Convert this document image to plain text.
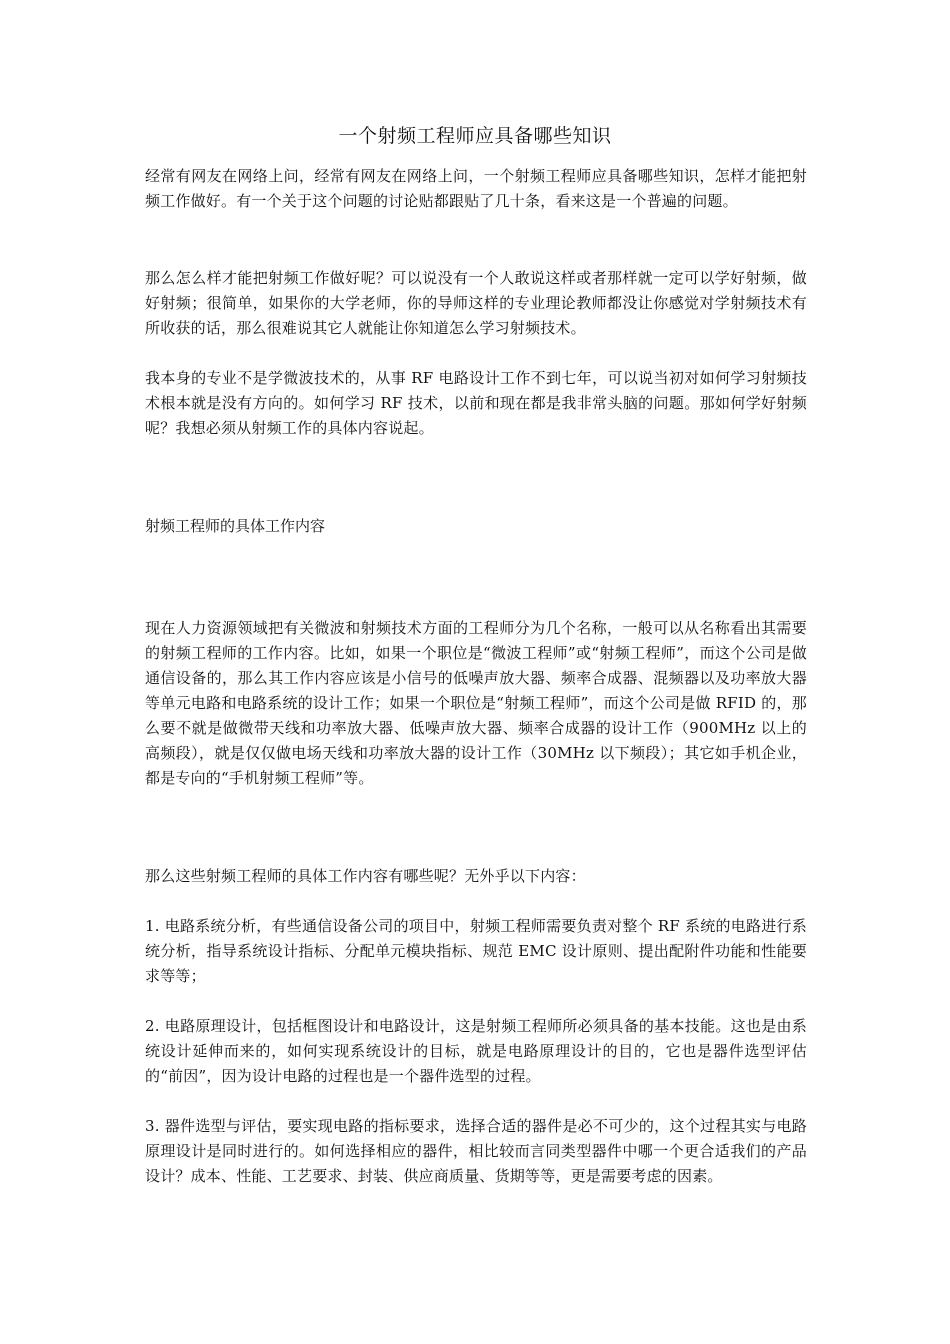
一个射频工程师应具备哪些知识

经常有网友在网络上问，经常有网友在网络上问，一个射频工程师应具备哪些知识，怎样才能把射频工作做好。有一个关于这个问题的讨论贴都跟贴了几十条，看来这是一个普遍的问题。

那么怎么样才能把射频工作做好呢？可以说没有一个人敢说这样或者那样就一定可以学好射频，做好射频；很简单，如果你的大学老师，你的导师这样的专业理论教师都没让你感觉对学射频技术有所收获的话，那么很难说其它人就能让你知道怎么学习射频技术。

我本身的专业不是学微波技术的，从事 RF 电路设计工作不到七年，可以说当初对如何学习射频技术根本就是没有方向的。如何学习 RF 技术，以前和现在都是我非常头脑的问题。那如何学好射频呢？我想必须从射频工作的具体内容说起。

射频工程师的具体工作内容

现在人力资源领域把有关微波和射频技术方面的工程师分为几个名称，一般可以从名称看出其需要的射频工程师的工作内容。比如，如果一个职位是“微波工程师”或“射频工程师”，而这个公司是做通信设备的，那么其工作内容应该是小信号的低噪声放大器、频率合成器、混频器以及功率放大器等单元电路和电路系统的设计工作；如果一个职位是“射频工程师”，而这个公司是做 RFID 的，那么要不就是做微带天线和功率放大器、低噪声放大器、频率合成器的设计工作（900MHz 以上的高频段），就是仅仅做电场天线和功率放大器的设计工作（30MHz 以下频段）；其它如手机企业，都是专向的“手机射频工程师”等。

那么这些射频工程师的具体工作内容有哪些呢？无外乎以下内容：

1. 电路系统分析，有些通信设备公司的项目中，射频工程师需要负责对整个 RF 系统的电路进行系统分析，指导系统设计指标、分配单元模块指标、规范 EMC 设计原则、提出配附件功能和性能要求等等；

2. 电路原理设计，包括框图设计和电路设计，这是射频工程师所必须具备的基本技能。这也是由系统设计延伸而来的，如何实现系统设计的目标，就是电路原理设计的目的，它也是器件选型评估的“前因”，因为设计电路的过程也是一个器件选型的过程。

3. 器件选型与评估，要实现电路的指标要求，选择合适的器件是必不可少的，这个过程其实与电路原理设计是同时进行的。如何选择相应的器件，相比较而言同类型器件中哪一个更合适我们的产品设计？成本、性能、工艺要求、封装、供应商质量、货期等等，更是需要考虑的因素。
